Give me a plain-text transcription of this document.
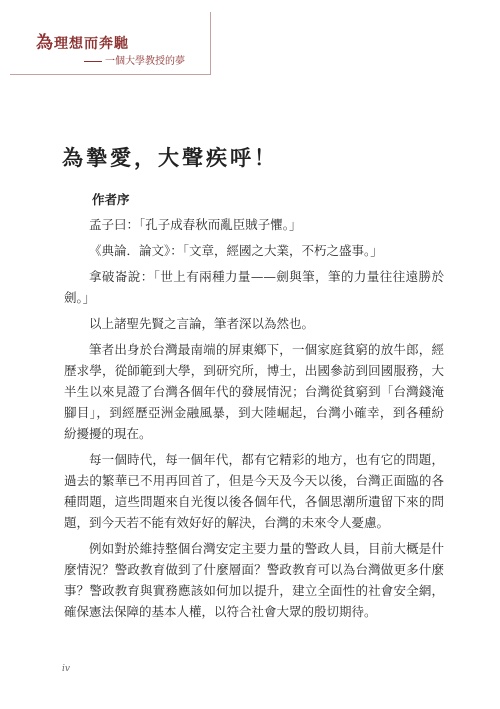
為理想而奔馳
一個大學教授的夢
為摯愛，大聲疾呼！
作者序

孟子曰：「孔子成春秋而亂臣賊子懼。」

《典論．論文》：「文章，經國之大業，不朽之盛事。」

拿破崙說：「世上有兩種力量——劍與筆，筆的力量往往遠勝於劍。」

以上諸聖先賢之言論，筆者深以為然也。

筆者出身於台灣最南端的屏東鄉下，一個家庭貧窮的放牛郎，經歷求學，從師範到大學，到研究所，博士，出國參訪到回國服務，大半生以來見證了台灣各個年代的發展情況；台灣從貧窮到「台灣錢淹腳目」，到經歷亞洲金融風暴，到大陸崛起，台灣小確幸，到各種紛紛擾擾的現在。

每一個時代，每一個年代，都有它精彩的地方，也有它的問題，過去的繁華已不用再回首了，但是今天及今天以後，台灣正面臨的各種問題，這些問題來自光復以後各個年代，各個思潮所遺留下來的問題，到今天若不能有效好好的解決，台灣的未來令人憂慮。

例如對於維持整個台灣安定主要力量的警政人員，目前大概是什麼情況？警政教育做到了什麼層面？警政教育可以為台灣做更多什麼事？警政教育與實務應該如何加以提升，建立全面性的社會安全網，確保憲法保障的基本人權，以符合社會大眾的殷切期待。

iv
